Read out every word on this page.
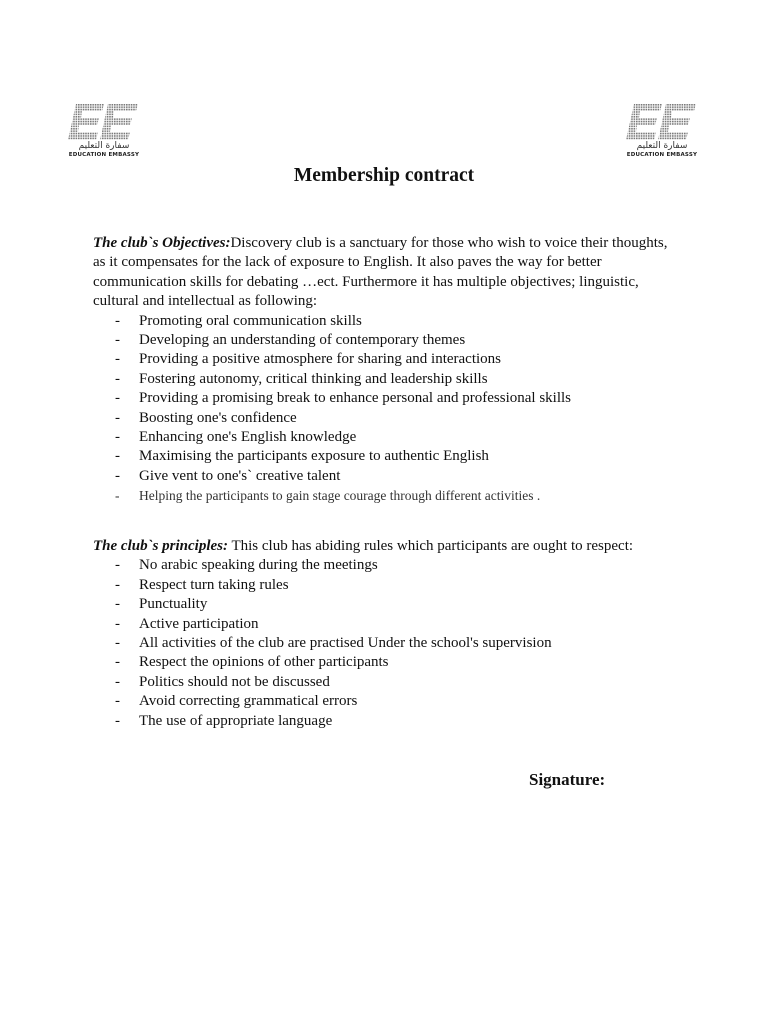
سفارة التعليم
EDUCATION EMBASSY
سفارة التعليم
EDUCATION EMBASSY
Membership contract

The club`s Objectives:Discovery club is a sanctuary for those who wish to voice their thoughts, as it compensates for the lack of exposure to English. It also paves the way for better communication skills for debating …ect. Furthermore it has multiple objectives; linguistic, cultural and intellectual as following:

- Promoting oral communication skills
- Developing an understanding of contemporary themes
- Providing a positive atmosphere for sharing and interactions
- Fostering autonomy, critical thinking and leadership skills
- Providing a promising break to enhance personal and professional skills
- Boosting one's confidence
- Enhancing one's English knowledge
- Maximising the participants exposure to authentic English
- Give vent to one's` creative talent
- Helping the participants to gain stage courage through different activities .

The club`s principles: This club has abiding rules which participants are ought to respect:

- No arabic speaking during the meetings
- Respect turn taking rules
- Punctuality
- Active participation
- All activities of the club are practised Under the school's supervision
- Respect the opinions of other participants
- Politics should not be discussed
- Avoid correcting grammatical errors
- The use of appropriate language

Signature:
